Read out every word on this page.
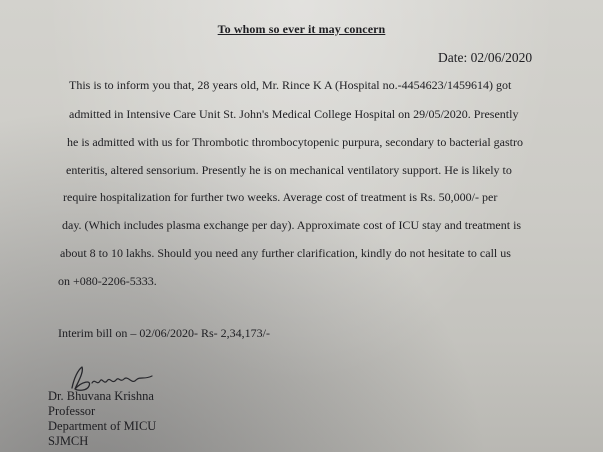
To whom so ever it may concern
Date: 02/06/2020
This is to inform you that, 28 years old, Mr. Rince K A (Hospital no.-4454623/1459614) got
admitted in Intensive Care Unit St. John's Medical College Hospital on 29/05/2020. Presently
he is admitted with us for Thrombotic thrombocytopenic purpura, secondary to bacterial gastro
enteritis, altered sensorium. Presently he is on mechanical ventilatory support. He is likely to
require hospitalization for further two weeks. Average cost of treatment is Rs. 50,000/- per
day. (Which includes plasma exchange per day). Approximate cost of ICU stay and treatment is
about 8 to 10 lakhs. Should you need any further clarification, kindly do not hesitate to call us
on +080-2206-5333.
Interim bill on – 02/06/2020- Rs- 2,34,173/-
Dr. Bhuvana Krishna
Professor
Department of MICU
SJMCH
